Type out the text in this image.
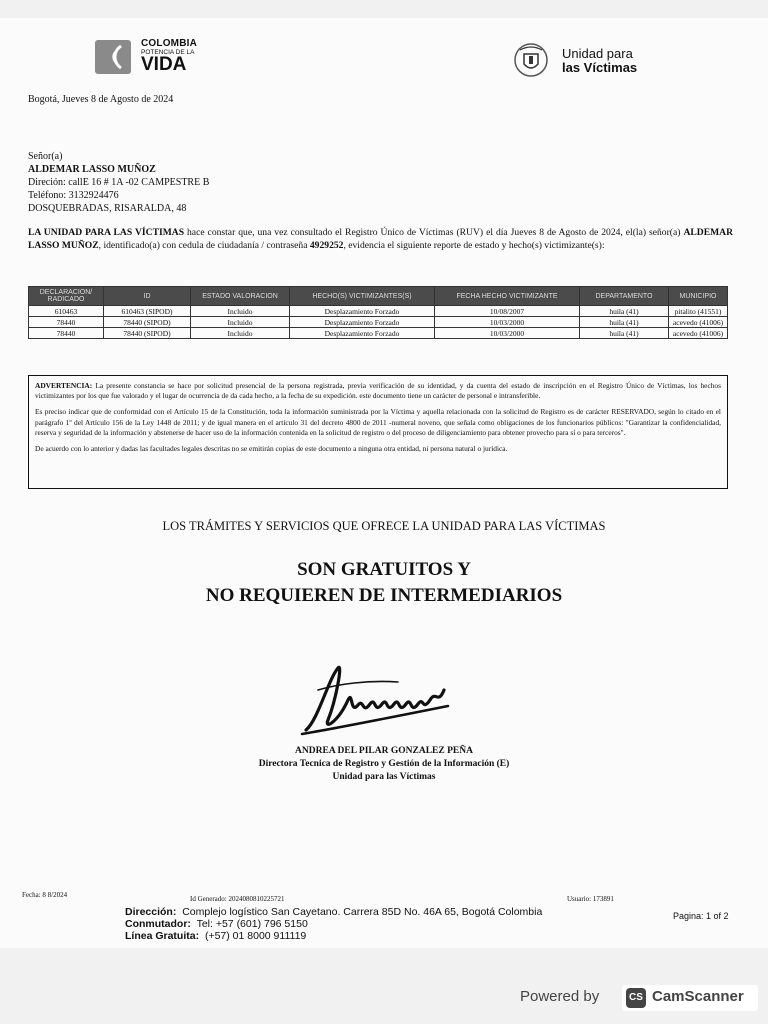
COLOMBIA
POTENCIA DE LA
VIDA
Unidad para
las Víctimas
Bogotá, Jueves 8 de Agosto de 2024
Señor(a)
ALDEMAR LASSO MUÑOZ
Direción: callE 16 # 1A -02 CAMPESTRE B
Teléfono: 3132924476
DOSQUEBRADAS, RISARALDA, 48
LA UNIDAD PARA LAS VÍCTIMAS hace constar que, una vez consultado el Registro Único de Víctimas (RUV) el día Jueves 8 de Agosto de 2024, el(la) señor(a) ALDEMAR LASSO MUÑOZ, identificado(a) con cedula de ciudadanía / contraseña 4929252, evidencia el siguiente reporte de estado y hecho(s) victimizante(s):
DECLARACION/ RADICADO	ID	ESTADO VALORACION	HECHO(S) VICTIMIZANTES(S)	FECHA HECHO VICTIMIZANTE	DEPARTAMENTO	MUNICIPIO
610463	610463 (SIPOD)	Incluido	Desplazamiento Forzado	10/08/2007	huila (41)	pitalito (41551)
78440	78440 (SIPOD)	Incluido	Desplazamiento Forzado	10/03/2000	huila (41)	acevedo (41006)
78440	78440 (SIPOD)	Incluido	Desplazamiento Forzado	10/03/2000	huila (41)	acevedo (41006)

ADVERTENCIA: La presente constancia se hace por solicitud presencial de la persona registrada, previa verificación de su identidad, y da cuenta del estado de inscripción en el Registro Único de Víctimas, los hechos victimizantes por los que fue valorado y el lugar de ocurrencia de da cada hecho, a la fecha de su expedición. este documento tiene un carácter de personal e intransferible.

Es preciso indicar que de conformidad con el Artículo 15 de la Constitución, toda la información suministrada por la Víctima y aquella relacionada con la solicitud de Registro es de carácter RESERVADO, según lo citado en el parágrafo 1º del Artículo 156 de la Ley 1448 de 2011; y de igual manera en el artículo 31 del decreto 4800 de 2011 -numeral noveno, que señala como obligaciones de los funcionarios públicos: "Garantizar la confidencialidad, reserva y seguridad de la información y abstenerse de hacer uso de la información contenida en la solicitud de registro o del proceso de diligenciamiento para obtener provecho para sí o para terceros".

De acuerdo con lo anterior y dadas las facultades legales descritas no se emitirán copias de este documento a ninguna otra entidad, ni persona natural o jurídica.

LOS TRÁMITES Y SERVICIOS QUE OFRECE LA UNIDAD PARA LAS VÍCTIMAS
SON GRATUITOS Y
NO REQUIEREN DE INTERMEDIARIOS
ANDREA DEL PILAR GONZALEZ PEÑA
Directora Tecnica de Registro y Gestión de la Información (E)
Unidad para las Víctimas
Fecha: 8 8/2024	Id Generado: 2024080810225721	Usuario: 173891
Dirección: Complejo logístico San Cayetano. Carrera 85D No. 46A 65, Bogotá Colombia
Conmutador: Tel: +57 (601) 796 5150
Línea Gratuita: (+57) 01 8000 911119
Pagina: 1 of 2
Powered by	CS CamScanner
